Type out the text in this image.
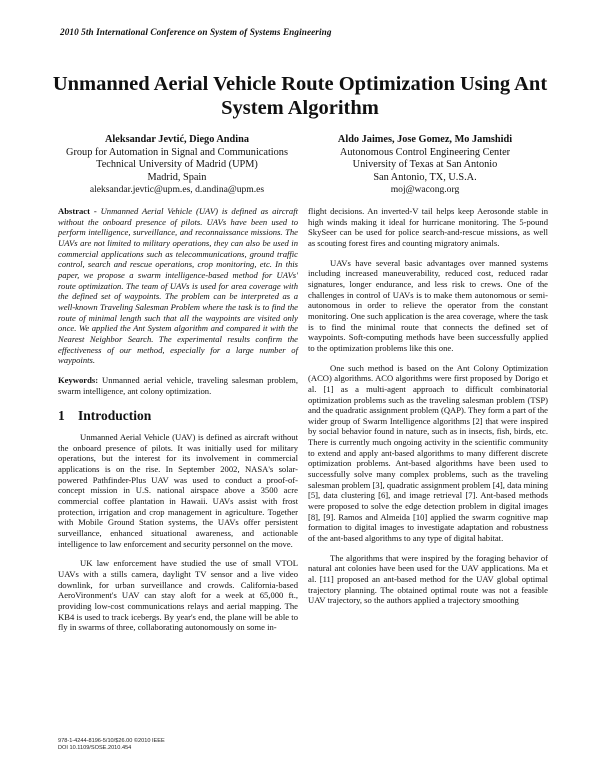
2010 5th International Conference on System of Systems Engineering
Unmanned Aerial Vehicle Route Optimization Using Ant
System Algorithm
Aleksandar Jevtić, Diego Andina
Group for Automation in Signal and Communications
Technical University of Madrid (UPM)
Madrid, Spain
aleksandar.jevtic@upm.es, d.andina@upm.es
Aldo Jaimes, Jose Gomez, Mo Jamshidi
Autonomous Control Engineering Center
University of Texas at San Antonio
San Antonio, TX, U.S.A.
moj@wacong.org

Abstract - Unmanned Aerial Vehicle (UAV) is defined as aircraft without the onboard presence of pilots. UAVs have been used to perform intelligence, surveillance, and reconnaissance missions. The UAVs are not limited to military operations, they can also be used in commercial applications such as telecommunications, ground traffic control, search and rescue operations, crop monitoring, etc. In this paper, we propose a swarm intelligence-based method for UAVs' route optimization. The team of UAVs is used for area coverage with the defined set of waypoints. The problem can be interpreted as a well-known Traveling Salesman Problem where the task is to find the route of minimal length such that all the waypoints are visited only once. We applied the Ant System algorithm and compared it with the Nearest Neighbor Search. The experimental results confirm the effectiveness of our method, especially for a large number of waypoints.

Keywords: Unmanned aerial vehicle, traveling salesman problem, swarm intelligence, ant colony optimization.

1 Introduction

Unmanned Aerial Vehicle (UAV) is defined as aircraft without the onboard presence of pilots. It was initially used for military operations, but the interest for its involvement in commercial applications is on the rise. In September 2002, NASA's solar-powered Pathfinder-Plus UAV was used to conduct a proof-of-concept mission in U.S. national airspace above a 3500 acre commercial coffee plantation in Hawaii. UAVs assist with frost protection, irrigation and crop management in agriculture. Together with Mobile Ground Station systems, the UAVs offer persistent surveillance, enhanced situational awareness, and actionable intelligence to law enforcement and security personnel on the move.

UK law enforcement have studied the use of small VTOL UAVs with a stills camera, daylight TV sensor and a live video downlink, for urban surveillance and crowds. California-based AeroVironment's UAV can stay aloft for a week at 65,000 ft., providing low-cost communications relays and aerial mapping. The KB4 is used to track icebergs. By year's end, the plane will be able to fly in swarms of three, collaborating autonomously on some in-

flight decisions. An inverted-V tail helps keep Aerosonde stable in high winds making it ideal for hurricane monitoring. The 5-pound SkySeer can be used for police search-and-rescue missions, as well as scouting forest fires and counting migratory animals.

UAVs have several basic advantages over manned systems including increased maneuverability, reduced cost, reduced radar signatures, longer endurance, and less risk to crews. One of the challenges in control of UAVs is to make them autonomous or semi-autonomous in order to relieve the operator from the constant monitoring. One such application is the area coverage, where the task is to find the minimal route that connects the defined set of waypoints. Soft-computing methods have been successfully applied to the optimization problems like this one.

One such method is based on the Ant Colony Optimization (ACO) algorithms. ACO algorithms were first proposed by Dorigo et al. [1] as a multi-agent approach to difficult combinatorial optimization problems such as the traveling salesman problem (TSP) and the quadratic assignment problem (QAP). They form a part of the wider group of Swarm Intelligence algorithms [2] that were inspired by social behavior found in nature, such as in insects, fish, birds, etc. There is currently much ongoing activity in the scientific community to extend and apply ant-based algorithms to many different discrete optimization problems. Ant-based algorithms have been used to successfully solve many complex problems, such as the traveling salesman problem [3], quadratic assignment problem [4], data mining [5], data clustering [6], and image retrieval [7]. Ant-based methods were proposed to solve the edge detection problem in digital images [8], [9]. Ramos and Almeida [10] applied the swarm cognitive map formation to digital images to investigate adaptation and robustness of the ant-based algorithms to any type of digital habitat.

The algorithms that were inspired by the foraging behavior of natural ant colonies have been used for the UAV applications. Ma et al. [11] proposed an ant-based method for the UAV global optimal trajectory planning. The obtained optimal route was not a feasible UAV trajectory, so the authors applied a trajectory smoothing

978-1-4244-8196-5/10/$26.00 ©2010 IEEE
DOI 10.1109/SOSE.2010.454
